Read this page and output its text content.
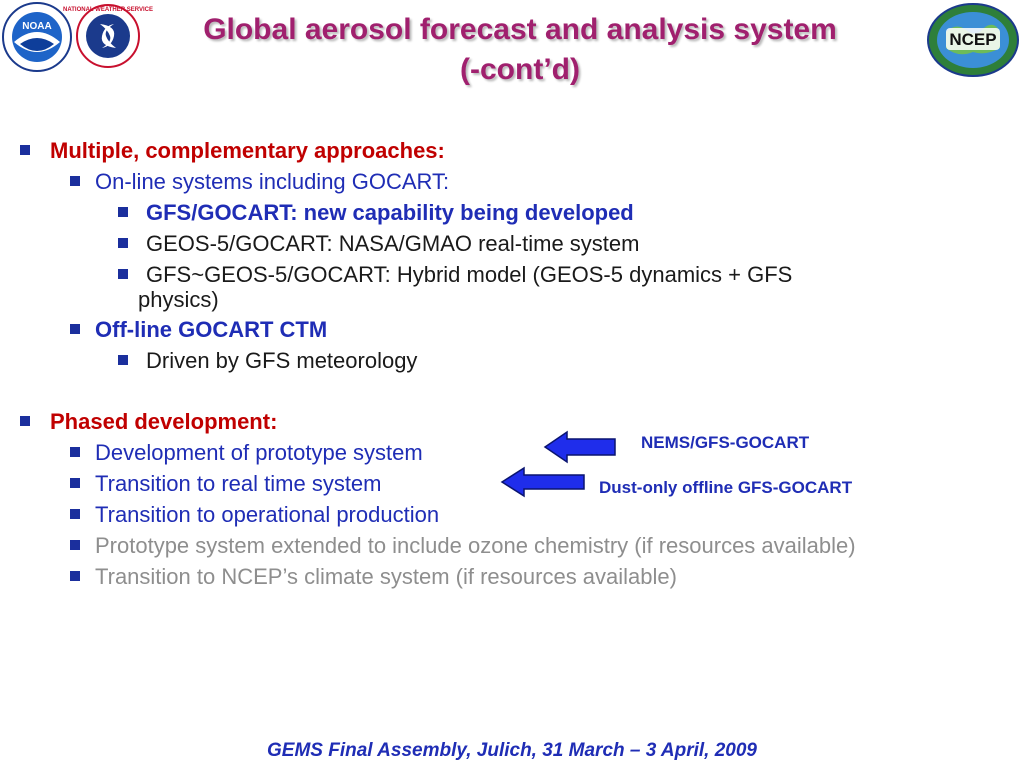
NOAA
NATIONAL WEATHER SERVICE
NCEP
Global aerosol forecast and analysis system
(-cont’d)
Multiple, complementary approaches:
On-line systems including GOCART:
GFS/GOCART: new capability being developed
GEOS-5/GOCART: NASA/GMAO real-time system
GFS~GEOS-5/GOCART: Hybrid model (GEOS-5 dynamics + GFS
physics)
Off-line GOCART CTM
Driven by GFS meteorology
Phased development:
Development of prototype system
Transition to real time system
Transition to operational production
Prototype system extended to include ozone chemistry (if resources available)
Transition to NCEP’s climate system (if resources available)
NEMS/GFS-GOCART
Dust-only offline GFS-GOCART
GEMS Final Assembly, Julich, 31 March – 3 April, 2009
